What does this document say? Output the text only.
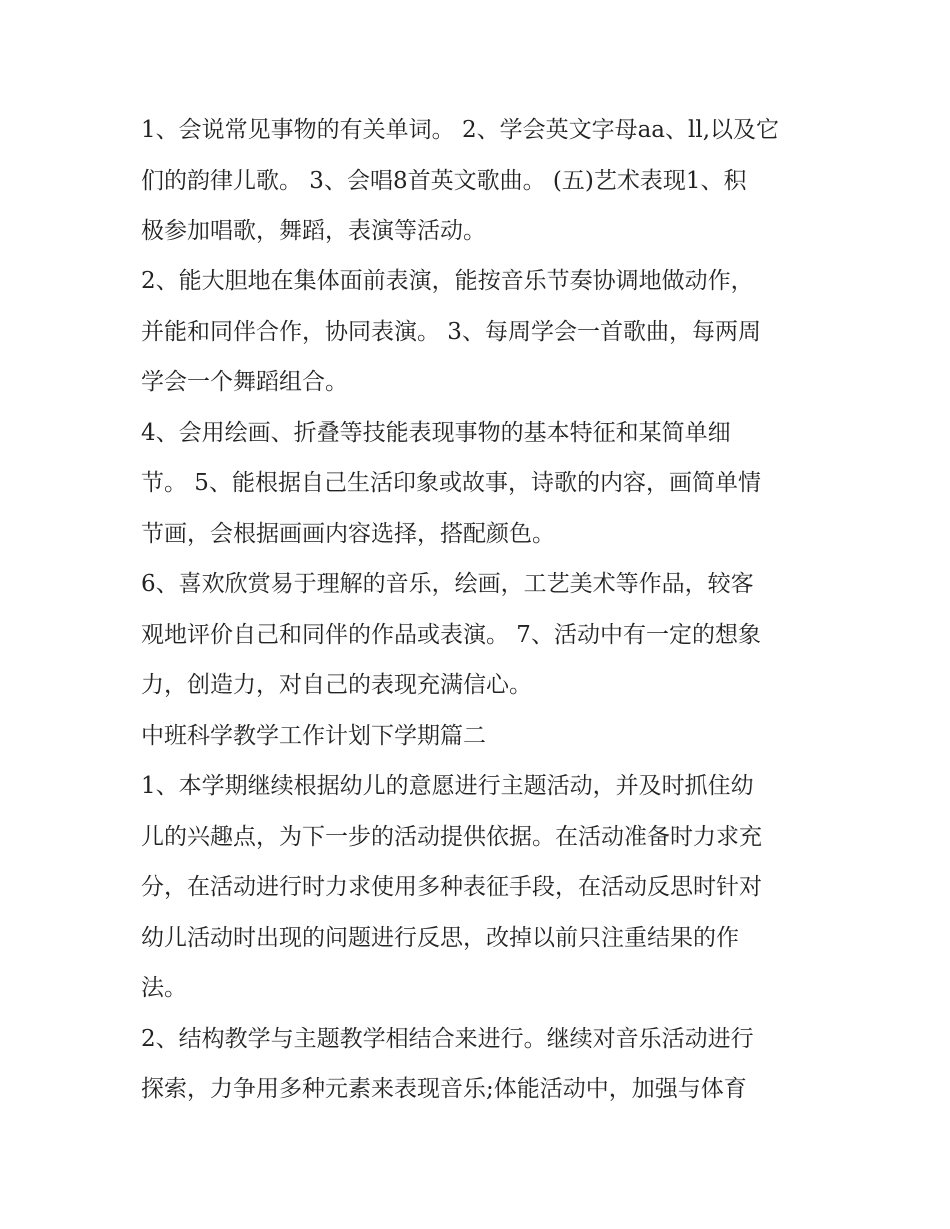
1、会说常见事物的有关单词。 2、学会英文字母aa、ll,以及它
们的韵律儿歌。 3、会唱8首英文歌曲。 (五)艺术表现1、积
极参加唱歌，舞蹈，表演等活动。
2、能大胆地在集体面前表演，能按音乐节奏协调地做动作，
并能和同伴合作，协同表演。 3、每周学会一首歌曲，每两周
学会一个舞蹈组合。
4、会用绘画、折叠等技能表现事物的基本特征和某简单细
节。 5、能根据自己生活印象或故事，诗歌的内容，画简单情
节画，会根据画画内容选择，搭配颜色。
6、喜欢欣赏易于理解的音乐，绘画，工艺美术等作品，较客
观地评价自己和同伴的作品或表演。 7、活动中有一定的想象
力，创造力，对自己的表现充满信心。
中班科学教学工作计划下学期篇二
1、本学期继续根据幼儿的意愿进行主题活动，并及时抓住幼
儿的兴趣点，为下一步的活动提供依据。在活动准备时力求充
分，在活动进行时力求使用多种表征手段，在活动反思时针对
幼儿活动时出现的问题进行反思，改掉以前只注重结果的作
法。
2、结构教学与主题教学相结合来进行。继续对音乐活动进行
探索，力争用多种元素来表现音乐;体能活动中，加强与体育
